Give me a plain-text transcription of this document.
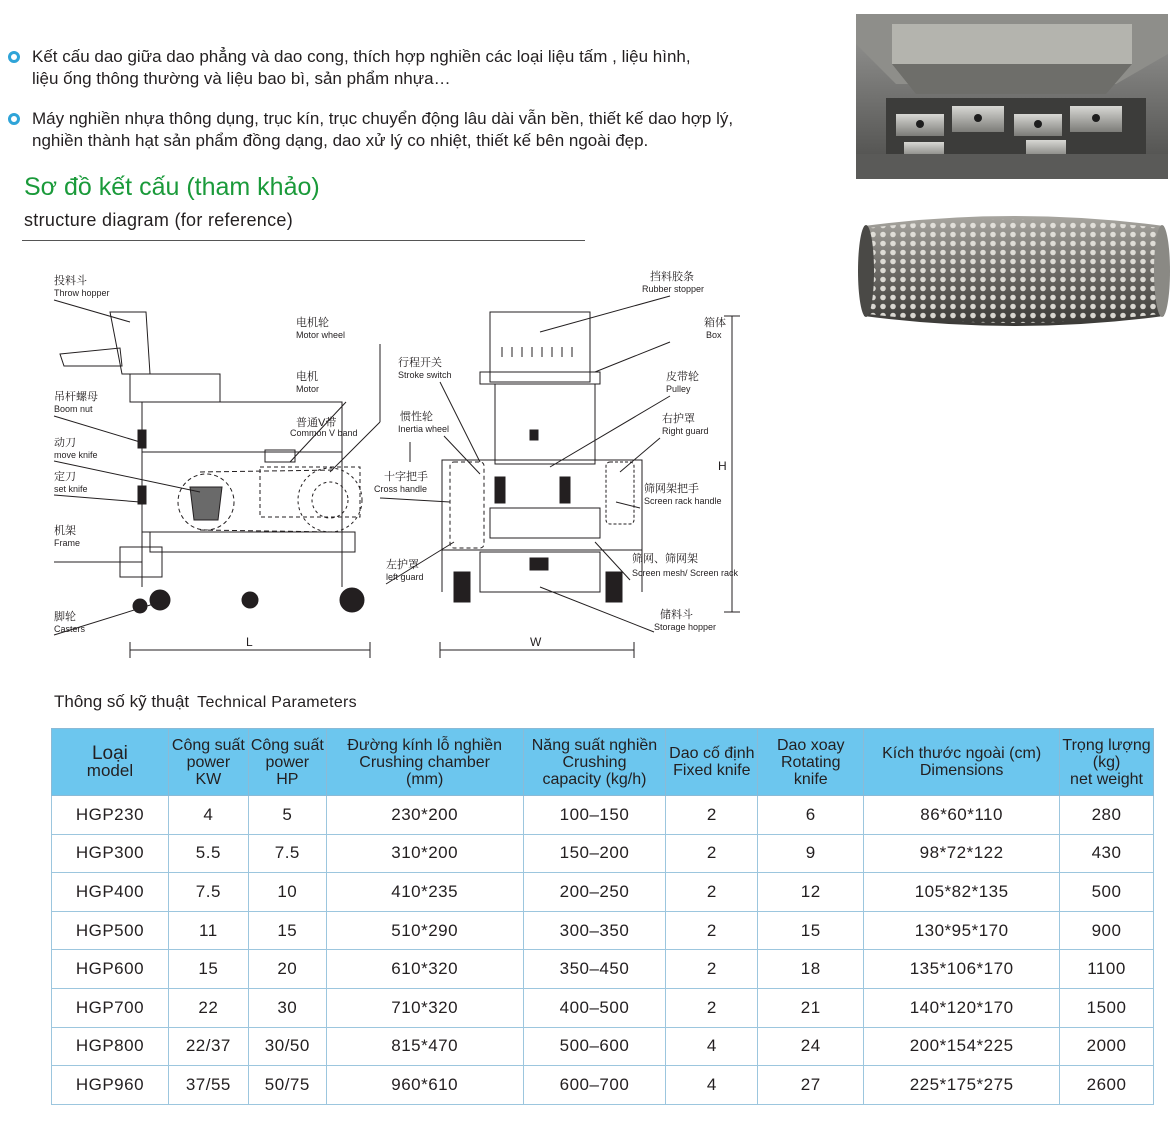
Kết cấu dao giữa dao phẳng và dao cong, thích hợp nghiền các loại liệu tấm , liệu hình,
liệu ống thông thường và liệu bao bì, sản phẩm nhựa…
Máy nghiền nhựa thông dụng, trục kín, trục chuyển động lâu dài vẫn bền, thiết kế dao hợp lý,
nghiền thành hạt sản phẩm đồng dạng, dao xử lý co nhiệt, thiết kế bên ngoài đẹp.
Sơ đồ kết cấu (tham khảo)
structure diagram (for reference)
投料斗
Throw hopper
吊杆螺母
Boom nut
动刀
move knife
定刀
set knife
机架
Frame
脚轮
Casters
电机轮
Motor wheel
电机
Motor
普通V带
Common V band
L
行程开关
Stroke switch
惯性轮
Inertia wheel
十字把手
Cross handle
左护罩
left guard
挡料胶条
Rubber stopper
箱体
Box
皮带轮
Pulley
右护罩
Right guard
筛网架把手
Screen rack handle
筛网、筛网架
Screen mesh/ Screen rack
储料斗
Storage hopper
H
W
Thông số kỹ thuật Technical Parameters
Loại
model	Công suất
power
KW	Công suất
power
HP	Đường kính lỗ nghiền
Crushing chamber
(mm)	Năng suất nghiền
Crushing
capacity (kg/h)	Dao cố định
Fixed knife	Dao xoay
Rotating
knife	Kích thước ngoài (cm)
Dimensions	Trọng lượng
(kg)
net weight

HGP230	4	5	230*200	100–150	2	6	86*60*110	280
HGP300	5.5	7.5	310*200	150–200	2	9	98*72*122	430
HGP400	7.5	10	410*235	200–250	2	12	105*82*135	500
HGP500	11	15	510*290	300–350	2	15	130*95*170	900
HGP600	15	20	610*320	350–450	2	18	135*106*170	1100
HGP700	22	30	710*320	400–500	2	21	140*120*170	1500
HGP800	22/37	30/50	815*470	500–600	4	24	200*154*225	2000
HGP960	37/55	50/75	960*610	600–700	4	27	225*175*275	2600
